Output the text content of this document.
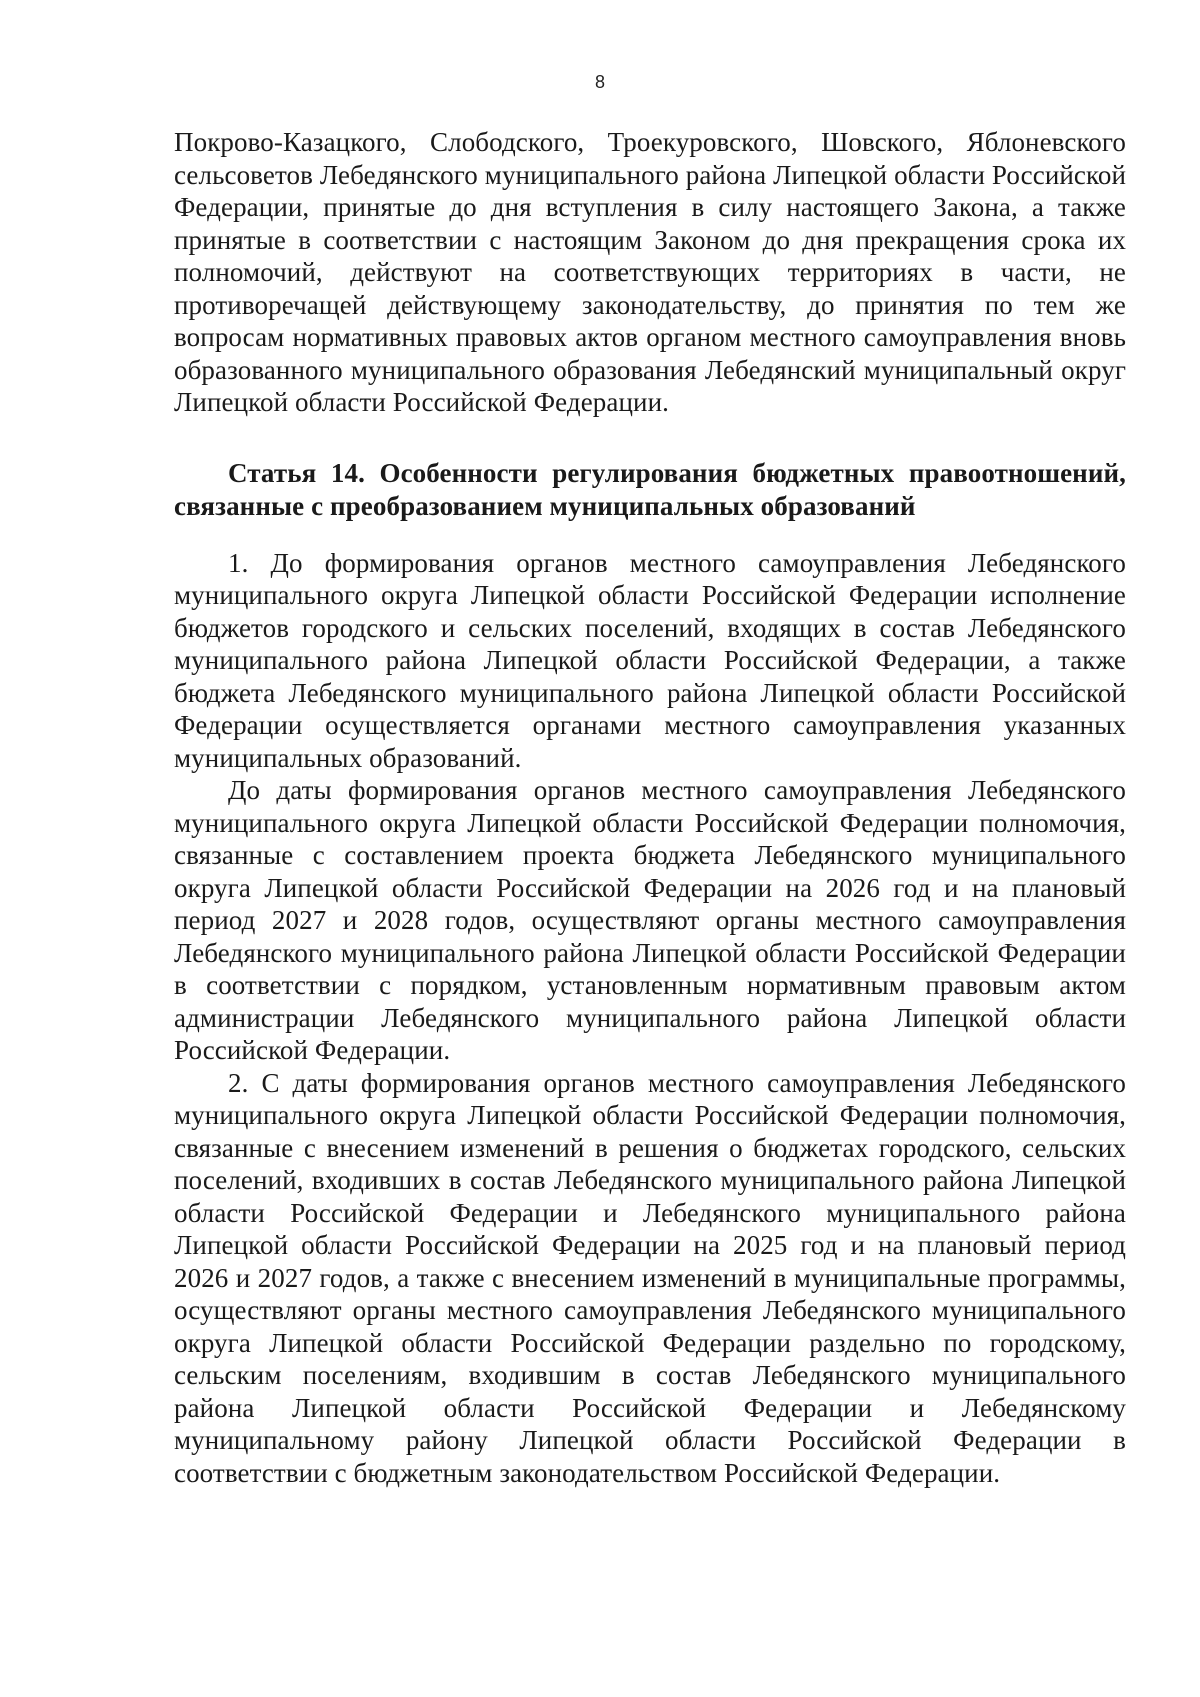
8

Покрово-Казацкого, Слободского, Троекуровского, Шовского, Яблоневского сельсоветов Лебедянского муниципального района Липецкой области Российской Федерации, принятые до дня вступления в силу настоящего Закона, а также принятые в соответствии с настоящим Законом до дня прекращения срока их полномочий, действуют на соответствующих территориях в части, не противоречащей действующему законодательству, до принятия по тем же вопросам нормативных правовых актов органом местного самоуправления вновь образованного муниципального образования Лебедянский муниципальный округ Липецкой области Российской Федерации.

Статья 14. Особенности регулирования бюджетных правоотношений, связанные с преобразованием муниципальных образований

1. До формирования органов местного самоуправления Лебедянского муниципального округа Липецкой области Российской Федерации исполнение бюджетов городского и сельских поселений, входящих в состав Лебедянского муниципального района Липецкой области Российской Федерации, а также бюджета Лебедянского муниципального района Липецкой области Российской Федерации осуществляется органами местного самоуправления указанных муниципальных образований.

До даты формирования органов местного самоуправления Лебедянского муниципального округа Липецкой области Российской Федерации полномочия, связанные с составлением проекта бюджета Лебедянского муниципального округа Липецкой области Российской Федерации на 2026 год и на плановый период 2027 и 2028 годов, осуществляют органы местного самоуправления Лебедянского муниципального района Липецкой области Российской Федерации в соответствии с порядком, установленным нормативным правовым актом администрации Лебедянского муниципального района Липецкой области Российской Федерации.

2. С даты формирования органов местного самоуправления Лебедянского муниципального округа Липецкой области Российской Федерации полномочия, связанные с внесением изменений в решения о бюджетах городского, сельских поселений, входивших в состав Лебедянского муниципального района Липецкой области Российской Федерации и Лебедянского муниципального района Липецкой области Российской Федерации на 2025 год и на плановый период 2026 и 2027 годов, а также с внесением изменений в муниципальные программы, осуществляют органы местного самоуправления Лебедянского муниципального округа Липецкой области Российской Федерации раздельно по городскому, сельским поселениям, входившим в состав Лебедянского муниципального района Липецкой области Российской Федерации и Лебедянскому муниципальному району Липецкой области Российской Федерации в соответствии с бюджетным законодательством Российской Федерации.
